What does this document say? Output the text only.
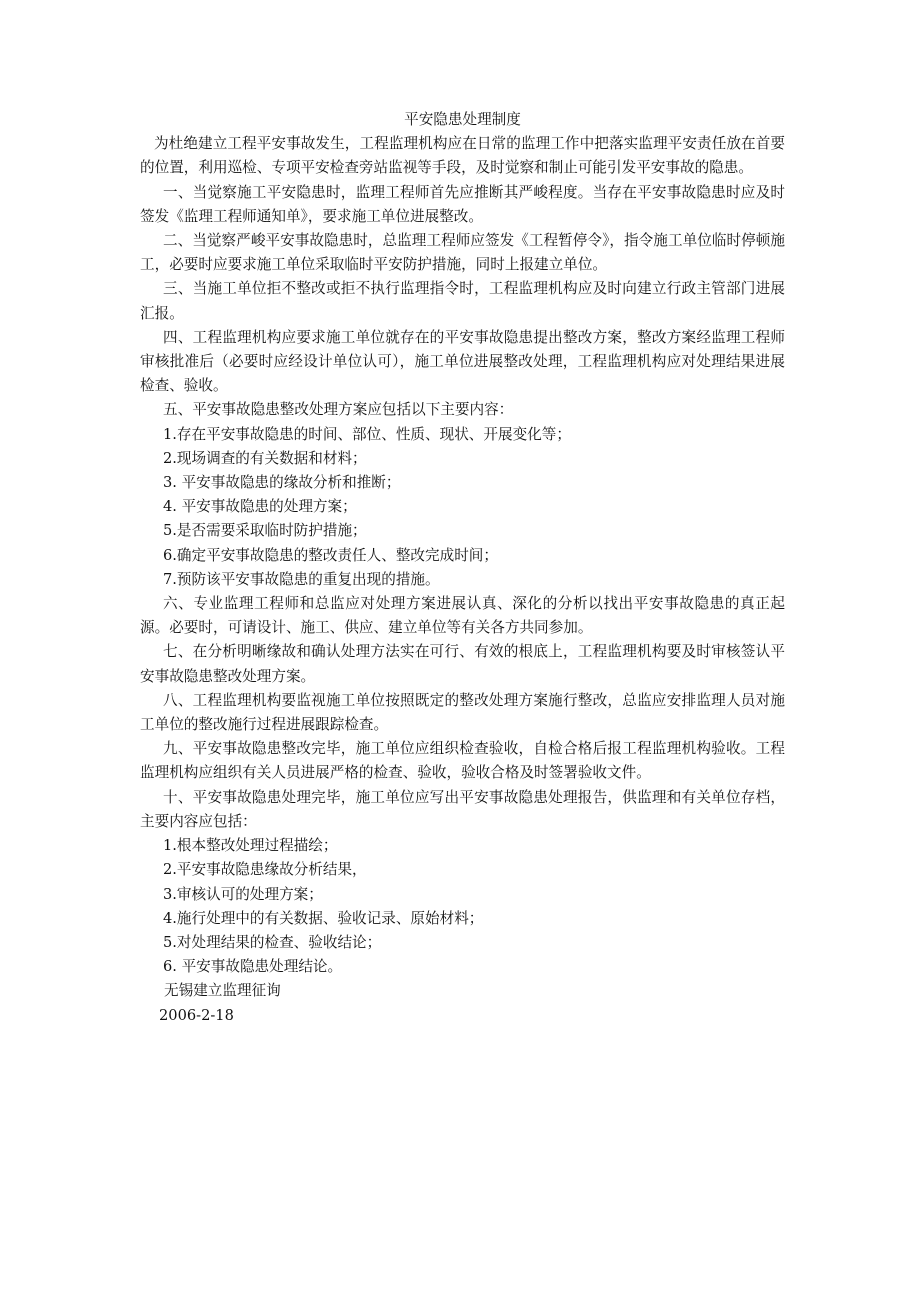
平安隐患处理制度

为杜绝建立工程平安事故发生，工程监理机构应在日常的监理工作中把落实监理平安责任放在首要的位置，利用巡检、专项平安检查旁站监视等手段，及时觉察和制止可能引发平安事故的隐患。

一、当觉察施工平安隐患时，监理工程师首先应推断其严峻程度。当存在平安事故隐患时应及时签发《监理工程师通知单》，要求施工单位进展整改。

二、当觉察严峻平安事故隐患时，总监理工程师应签发《工程暂停令》，指令施工单位临时停顿施工，必要时应要求施工单位采取临时平安防护措施，同时上报建立单位。

三、当施工单位拒不整改或拒不执行监理指令时，工程监理机构应及时向建立行政主管部门进展汇报。

四、工程监理机构应要求施工单位就存在的平安事故隐患提出整改方案，整改方案经监理工程师审核批准后（必要时应经设计单位认可），施工单位进展整改处理，工程监理机构应对处理结果进展检查、验收。

五、平安事故隐患整改处理方案应包括以下主要内容：

1.存在平安事故隐患的时间、部位、性质、现状、开展变化等；

2.现场调查的有关数据和材料；

3. 平安事故隐患的缘故分析和推断；

4. 平安事故隐患的处理方案；

5.是否需要采取临时防护措施；

6.确定平安事故隐患的整改责任人、整改完成时间；

7.预防该平安事故隐患的重复出现的措施。

六、专业监理工程师和总监应对处理方案进展认真、深化的分析以找出平安事故隐患的真正起源。必要时，可请设计、施工、供应、建立单位等有关各方共同参加。

七、在分析明晰缘故和确认处理方法实在可行、有效的根底上，工程监理机构要及时审核签认平安事故隐患整改处理方案。

八、工程监理机构要监视施工单位按照既定的整改处理方案施行整改，总监应安排监理人员对施工单位的整改施行过程进展跟踪检查。

九、平安事故隐患整改完毕，施工单位应组织检查验收，自检合格后报工程监理机构验收。工程监理机构应组织有关人员进展严格的检查、验收，验收合格及时签署验收文件。

十、平安事故隐患处理完毕，施工单位应写出平安事故隐患处理报告，供监理和有关单位存档，主要内容应包括：

1.根本整改处理过程描绘；

2.平安事故隐患缘故分析结果，

3.审核认可的处理方案；

4.施行处理中的有关数据、验收记录、原始材料；

5.对处理结果的检查、验收结论；

6. 平安事故隐患处理结论。

无锡建立监理征询

2006-2-18
